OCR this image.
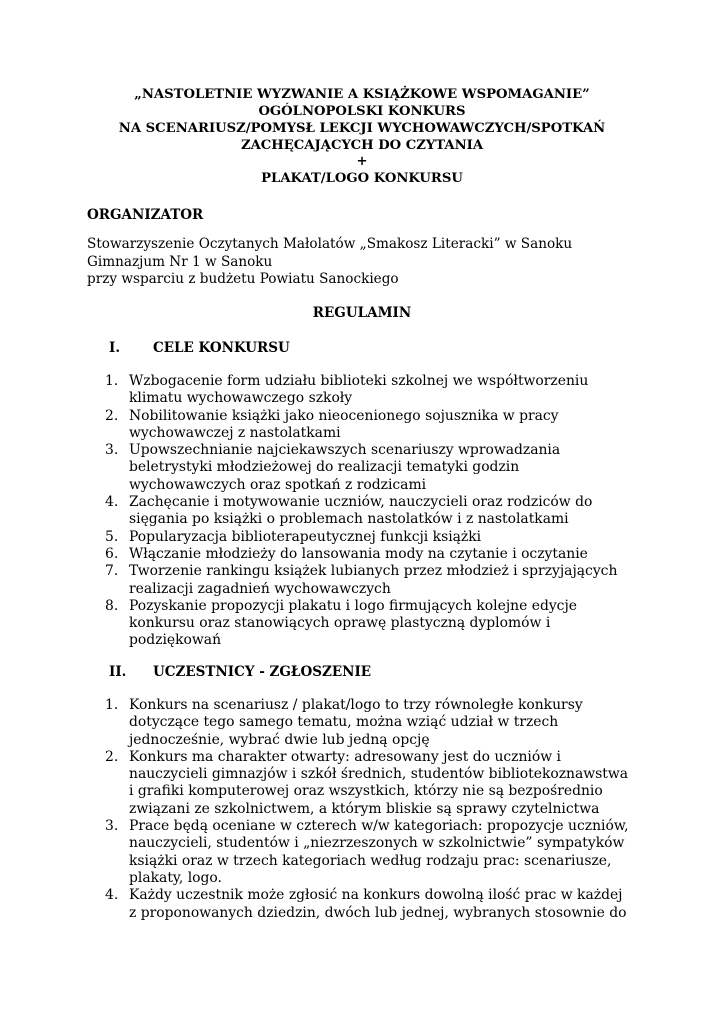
„NASTOLETNIE WYZWANIE A KSIĄŻKOWE WSPOMAGANIE”
OGÓLNOPOLSKI KONKURS
NA SCENARIUSZ/POMYSŁ LEKCJI WYCHOWAWCZYCH/SPOTKAŃ
ZACHĘCAJĄCYCH DO CZYTANIA
+
PLAKAT/LOGO KONKURSU
ORGANIZATOR
Stowarzyszenie Oczytanych Małolatów „Smakosz Literacki” w Sanoku
Gimnazjum Nr 1 w Sanoku
przy wsparciu z budżetu Powiatu Sanockiego
REGULAMIN
I. CELE KONKURSU
1. Wzbogacenie form udziału biblioteki szkolnej we współtworzeniu
klimatu wychowawczego szkoły
2. Nobilitowanie książki jako nieocenionego sojusznika w pracy
wychowawczej z nastolatkami
3. Upowszechnianie najciekawszych scenariuszy wprowadzania
beletrystyki młodzieżowej do realizacji tematyki godzin
wychowawczych oraz spotkań z rodzicami
4. Zachęcanie i motywowanie uczniów, nauczycieli oraz rodziców do
sięgania po książki o problemach nastolatków i z nastolatkami
5. Popularyzacja biblioterapeutycznej funkcji książki
6. Włączanie młodzieży do lansowania mody na czytanie i oczytanie
7. Tworzenie rankingu książek lubianych przez młodzież i sprzyjających
realizacji zagadnień wychowawczych
8. Pozyskanie propozycji plakatu i logo firmujących kolejne edycje
konkursu oraz stanowiących oprawę plastyczną dyplomów i
podziękowań
II. UCZESTNICY - ZGŁOSZENIE
1. Konkurs na scenariusz / plakat/logo to trzy równoległe konkursy
dotyczące tego samego tematu, można wziąć udział w trzech
jednocześnie, wybrać dwie lub jedną opcję
2. Konkurs ma charakter otwarty: adresowany jest do uczniów i
nauczycieli gimnazjów i szkół średnich, studentów bibliotekoznawstwa
i grafiki komputerowej oraz wszystkich, którzy nie są bezpośrednio
związani ze szkolnictwem, a którym bliskie są sprawy czytelnictwa
3. Prace będą oceniane w czterech w/w kategoriach: propozycje uczniów,
nauczycieli, studentów i „niezrzeszonych w szkolnictwie” sympatyków
książki oraz w trzech kategoriach według rodzaju prac: scenariusze,
plakaty, logo.
4. Każdy uczestnik może zgłosić na konkurs dowolną ilość prac w każdej
z proponowanych dziedzin, dwóch lub jednej, wybranych stosownie do
